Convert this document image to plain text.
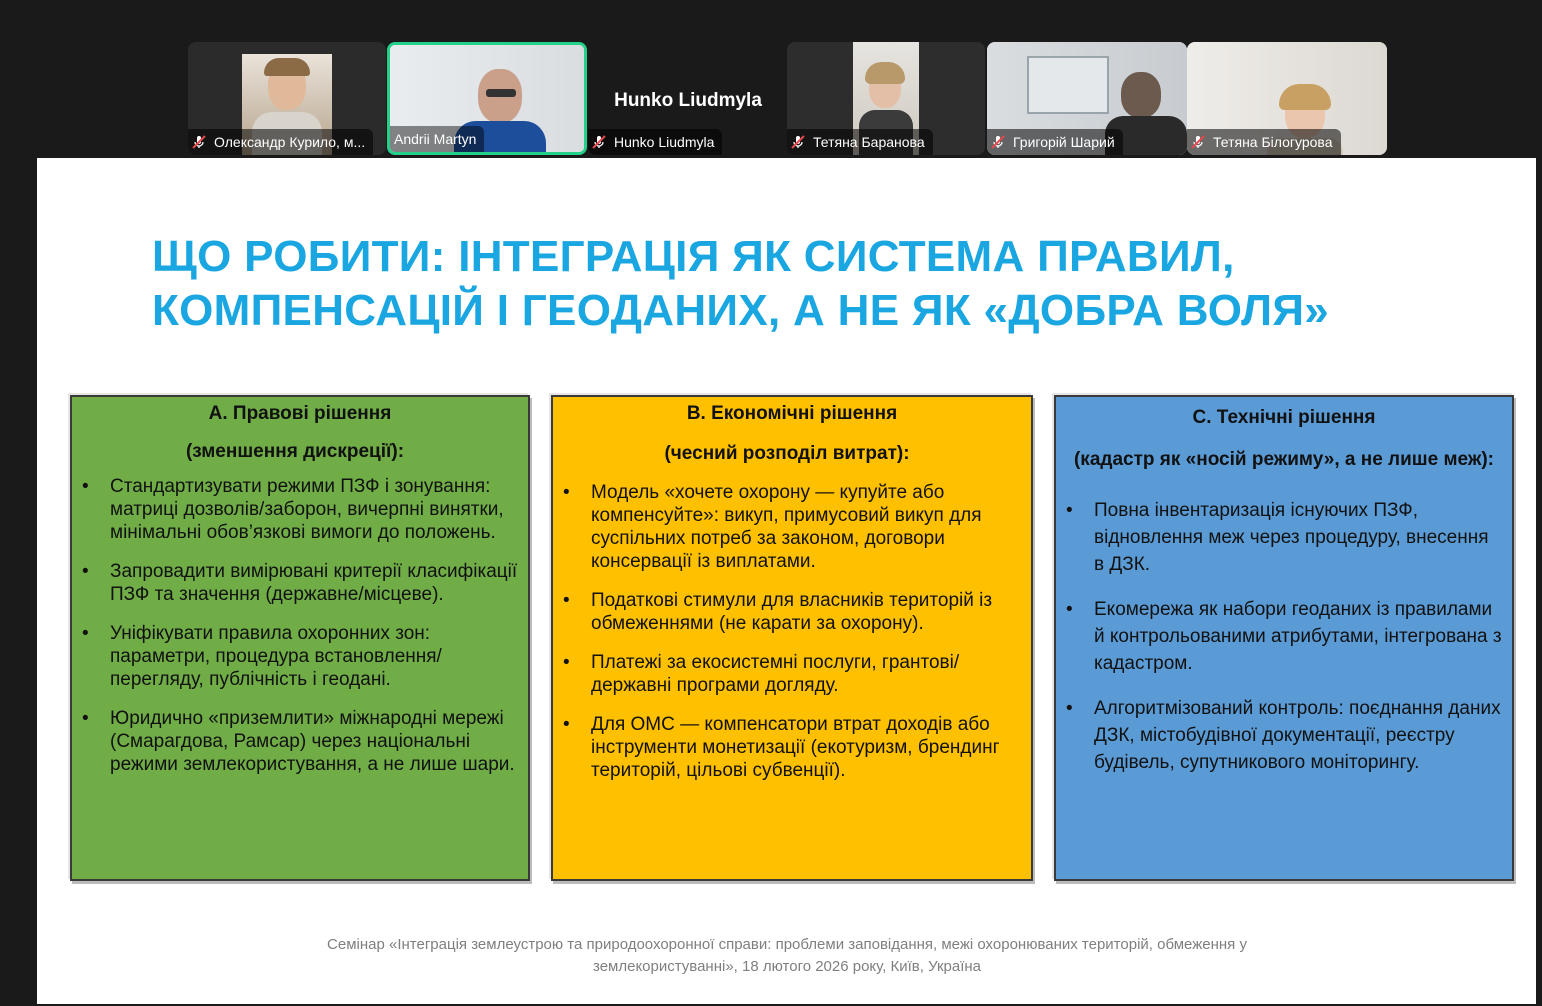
Олександр Курило, м...	Andrii Martyn
Hunko Liudmyla
Hunko Liudmyla	Тетяна Баранова	Григорій Шарий	Тетяна Білогурова
ЩО РОБИТИ: ІНТЕГРАЦІЯ ЯК СИСТЕМА ПРАВИЛ,
КОМПЕНСАЦІЙ І ГЕОДАНИХ, А НЕ ЯК «ДОБРА ВОЛЯ»
A. Правові рішення
(зменшення дискреції):
• Стандартизувати режими ПЗФ і зонування: матриці дозволів/заборон, вичерпні винятки, мінімальні обов’язкові вимоги до положень.
• Запровадити вимірювані критерії класифікації ПЗФ та значення (державне/місцеве).
• Уніфікувати правила охоронних зон: параметри, процедура встановлення/перегляду, публічність і геодані.
• Юридично «приземлити» міжнародні мережі (Смарагдова, Рамсар) через національні режими землекористування, а не лише шари.
B. Економічні рішення
(чесний розподіл витрат):
• Модель «хочете охорону — купуйте або компенсуйте»: викуп, примусовий викуп для суспільних потреб за законом, договори консервації із виплатами.
• Податкові стимули для власників територій із обмеженнями (не карати за охорону).
• Платежі за екосистемні послуги, грантові/державні програми догляду.
• Для ОМС — компенсатори втрат доходів або інструменти монетизації (екотуризм, брендинг територій, цільові субвенції).
C. Технічні рішення
(кадастр як «носій режиму», а не лише меж):
• Повна інвентаризація існуючих ПЗФ, відновлення меж через процедуру, внесення в ДЗК.
• Екомережа як набори геоданих із правилами й контрольованими атрибутами, інтегрована з кадастром.
• Алгоритмізований контроль: поєднання даних ДЗК, містобудівної документації, реєстру будівель, супутникового моніторингу.
Семінар «Інтеграція землеустрою та природоохоронної справи: проблеми заповідання, межі охоронюваних територій, обмеження у
землекористуванні», 18 лютого 2026 року, Київ, Україна
